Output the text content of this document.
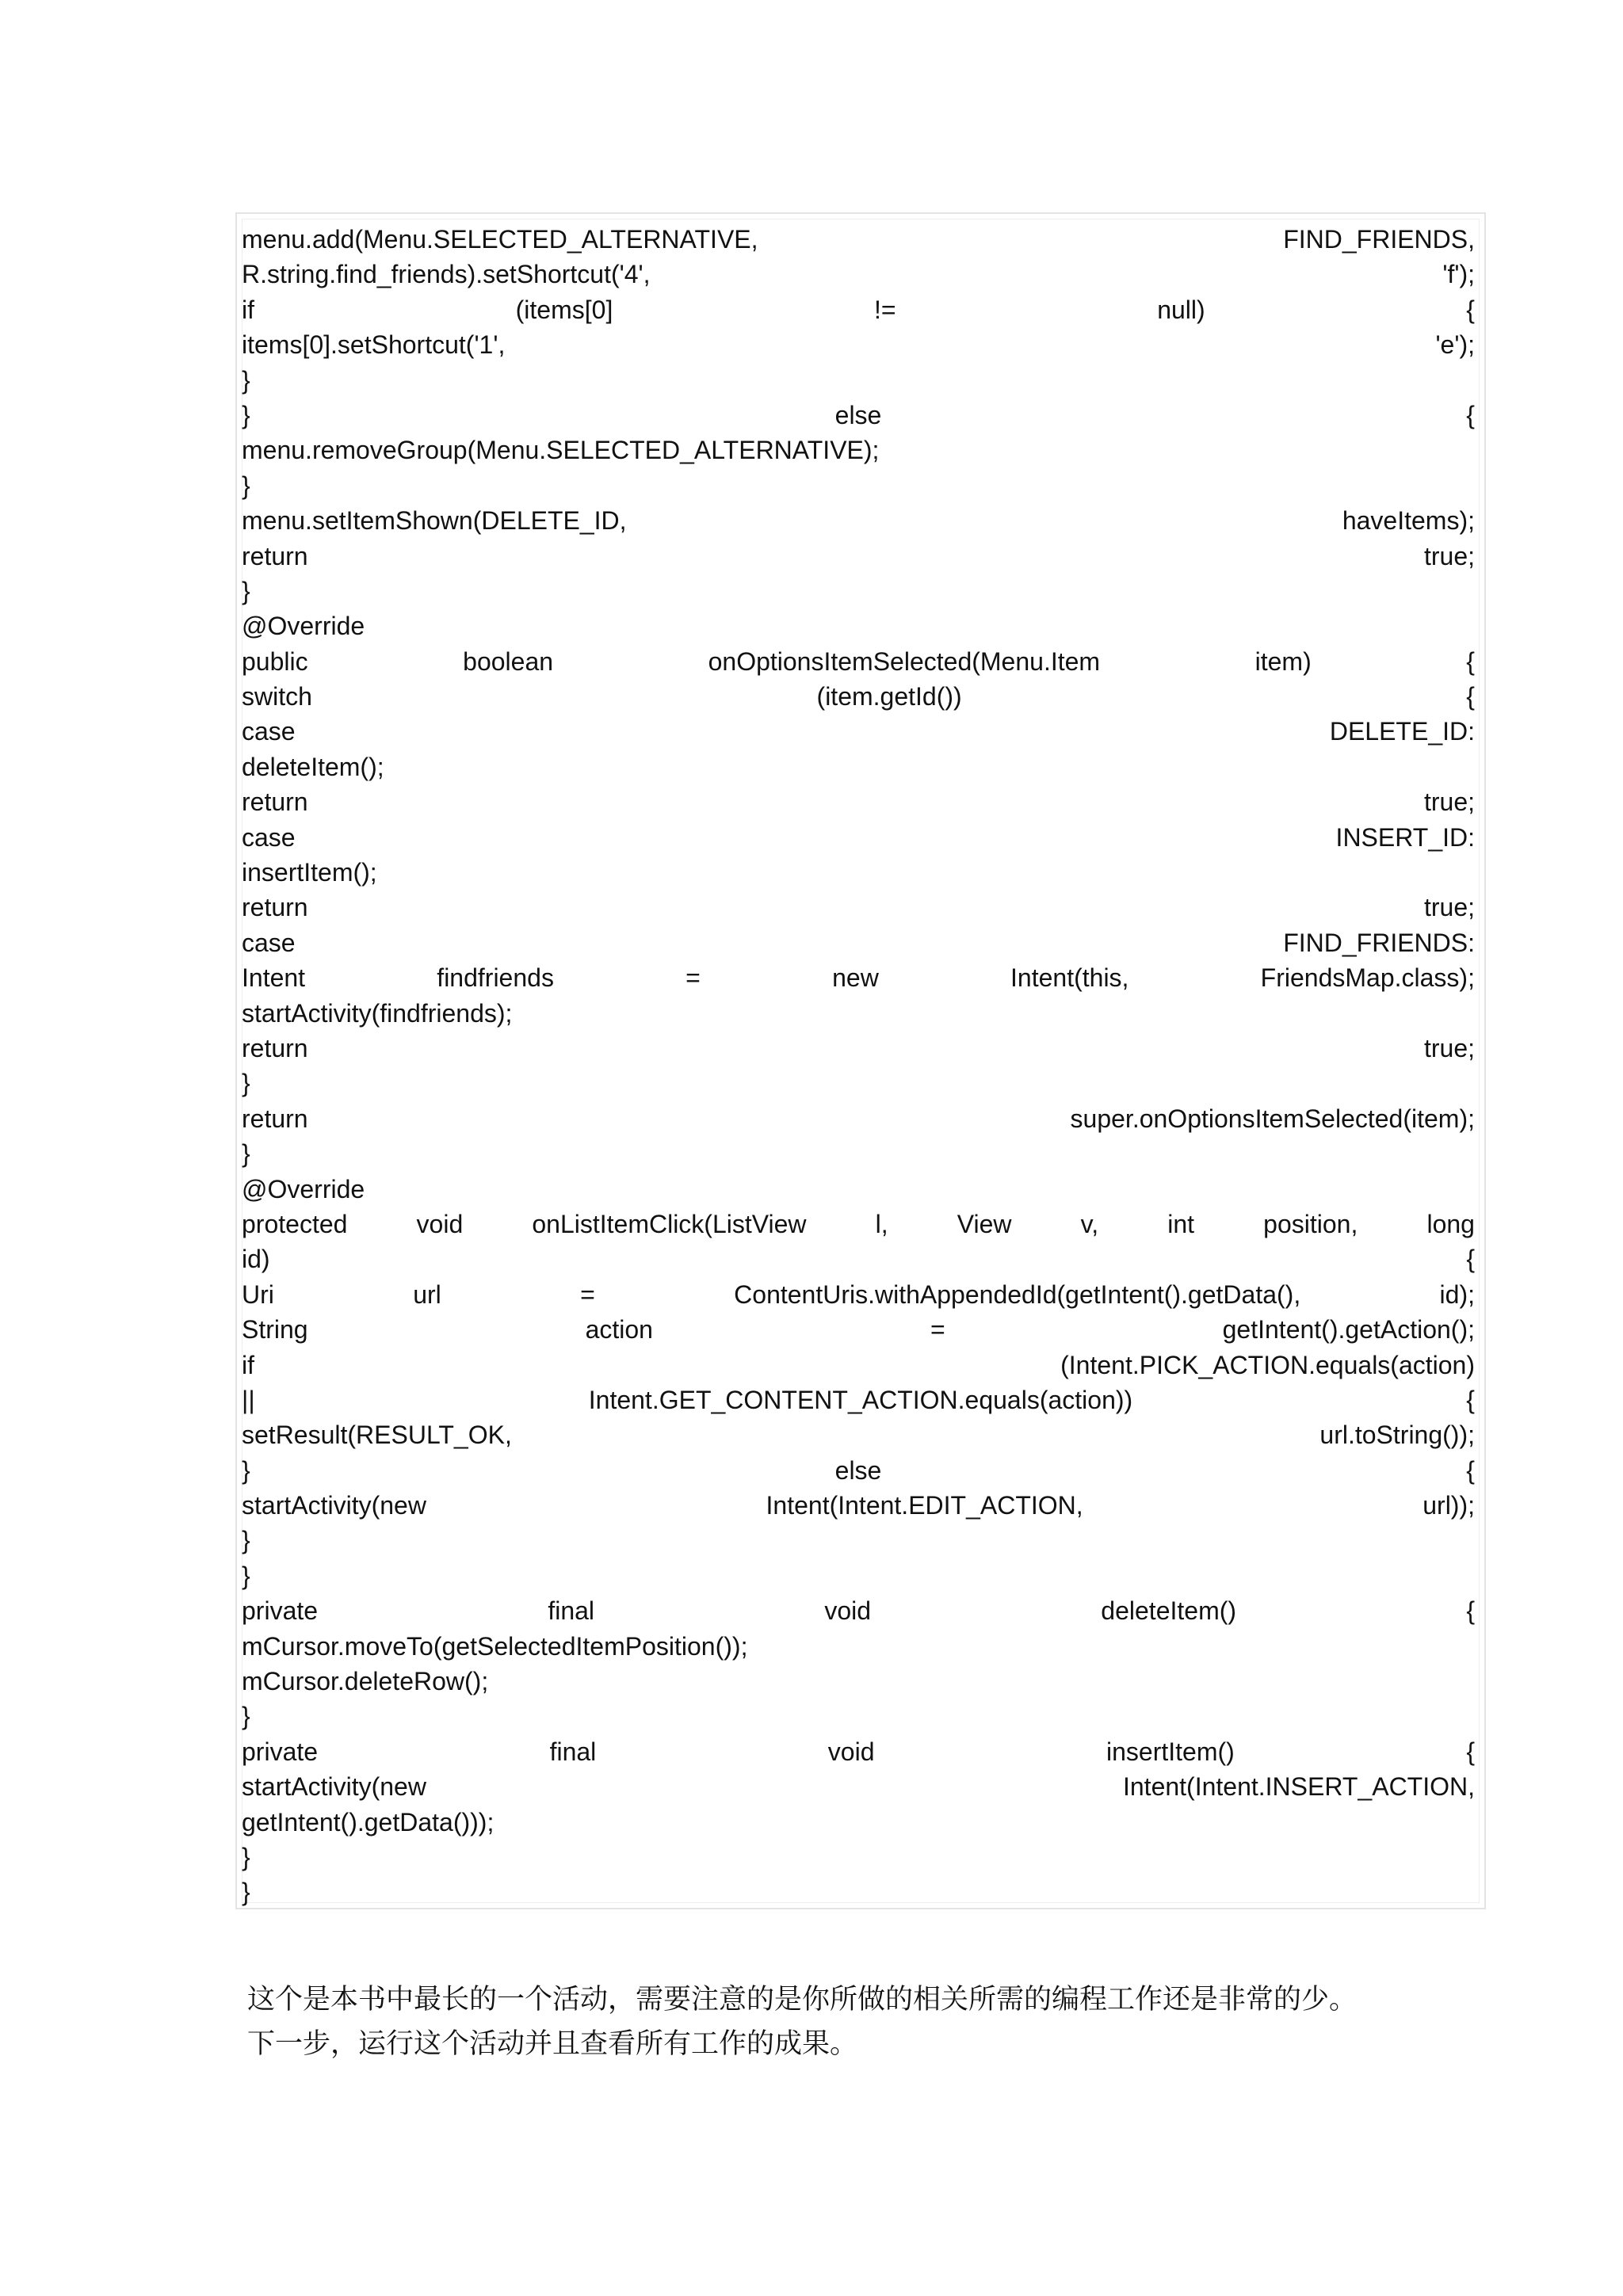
menu.add(Menu.SELECTED_ALTERNATIVE,	FIND_FRIENDS,
R.string.find_friends).setShortcut('4',	'f');
if	(items[0]	!=	null)	{
items[0].setShortcut('1',	'e');
}
}	else	{
menu.removeGroup(Menu.SELECTED_ALTERNATIVE);
}
menu.setItemShown(DELETE_ID,	haveItems);
return	true;
}
@Override
public	boolean	onOptionsItemSelected(Menu.Item	item)	{
switch	(item.getId())	{
case	DELETE_ID:
deleteItem();
return	true;
case	INSERT_ID:
insertItem();
return	true;
case	FIND_FRIENDS:
Intent	findfriends	=	new	Intent(this,	FriendsMap.class);
startActivity(findfriends);
return	true;
}
return	super.onOptionsItemSelected(item);
}
@Override
protected	void	onListItemClick(ListView	l,	View	v,	int	position,	long
id)	{
Uri	url	=	ContentUris.withAppendedId(getIntent().getData(),	id);
String	action	=	getIntent().getAction();
if	(Intent.PICK_ACTION.equals(action)
||	Intent.GET_CONTENT_ACTION.equals(action))	{
setResult(RESULT_OK,	url.toString());
}	else	{
startActivity(new	Intent(Intent.EDIT_ACTION,	url));
}
}
private	final	void	deleteItem()	{
mCursor.moveTo(getSelectedItemPosition());
mCursor.deleteRow();
}
private	final	void	insertItem()	{
startActivity(new	Intent(Intent.INSERT_ACTION,
getIntent().getData()));
}
}
这个是本书中最长的一个活动，需要注意的是你所做的相关所需的编程工作还是非常的少。
下一步，运行这个活动并且查看所有工作的成果。
